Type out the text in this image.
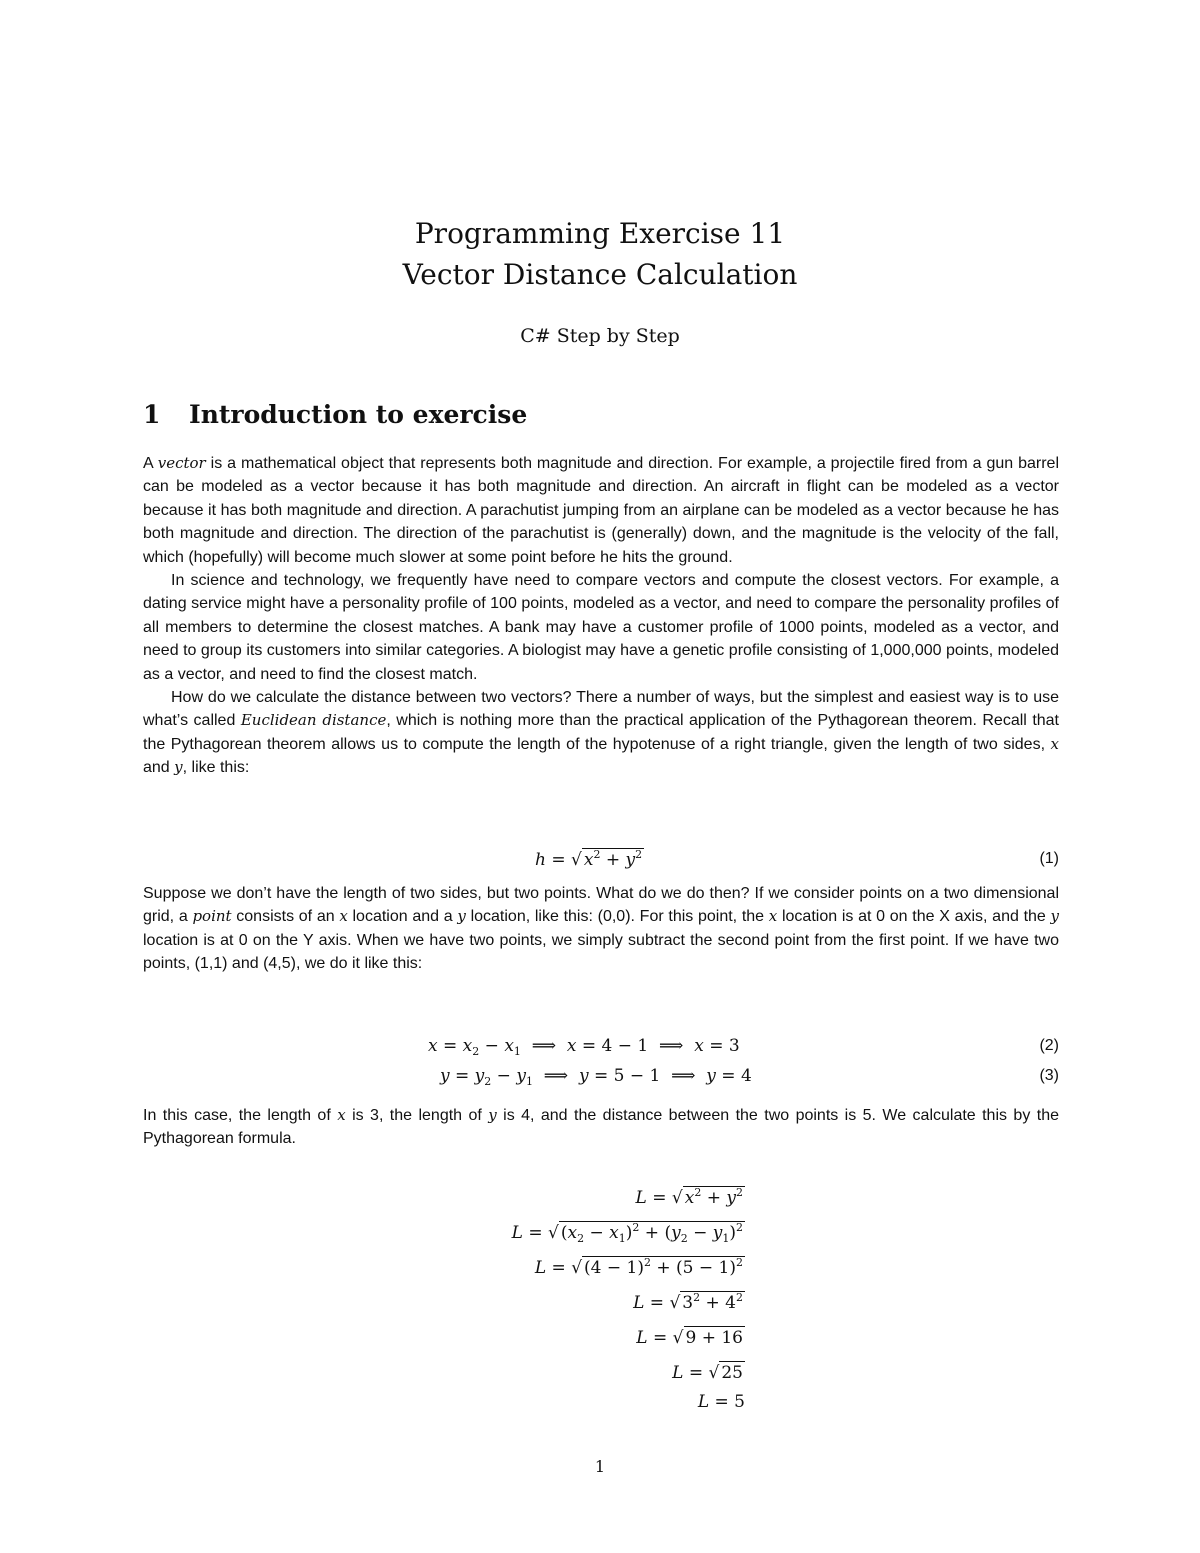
Programming Exercise 11
Vector Distance Calculation
C# Step by Step
1 Introduction to exercise

A vector is a mathematical object that represents both magnitude and direction. For example, a projectile fired from a gun barrel can be modeled as a vector because it has both magnitude and direction. An aircraft in flight can be modeled as a vector because it has both magnitude and direction. A parachutist jumping from an airplane can be modeled as a vector because he has both magnitude and direction. The direction of the parachutist is (generally) down, and the magnitude is the velocity of the fall, which (hopefully) will become much slower at some point before he hits the ground.

In science and technology, we frequently have need to compare vectors and compute the closest vectors. For example, a dating service might have a personality profile of 100 points, modeled as a vector, and need to compare the personality profiles of all members to determine the closest matches. A bank may have a customer profile of 1000 points, modeled as a vector, and need to group its customers into similar categories. A biologist may have a genetic profile consisting of 1,000,000 points, modeled as a vector, and need to find the closest match.

How do we calculate the distance between two vectors? There a number of ways, but the simplest and easiest way is to use what’s called Euclidean distance, which is nothing more than the practical application of the Pythagorean theorem. Recall that the Pythagorean theorem allows us to compute the length of the hypotenuse of a right triangle, given the length of two sides, x and y, like this:

h = √ $x^2 + y^2$	(1)

Suppose we don’t have the length of two sides, but two points. What do we do then? If we consider points on a two dimensional grid, a point consists of an x location and a y location, like this: (0,0). For this point, the x location is at 0 on the X axis, and the y location is at 0 on the Y axis. When we have two points, we simply subtract the second point from the first point. If we have two points, (1,1) and (4,5), we do it like this:

$x = x_2 - x_1$  ⟹  x = 4 − 1  ⟹  x = 3	(2)
$y = y_2 - y_1$  ⟹  y = 5 − 1  ⟹  y = 4	(3)

In this case, the length of x is 3, the length of y is 4, and the distance between the two points is 5. We calculate this by the Pythagorean formula.

L = √ $x^2 + y^2$
L = √ $(x_2 - x_1)^2 + (y_2 - y_1)^2$
L = √ $(4 - 1)^2 + (5 - 1)^2$
L = √ $3^2 + 4^2$
L = √ 9 + 16
L = √ 25
L = 5
1
